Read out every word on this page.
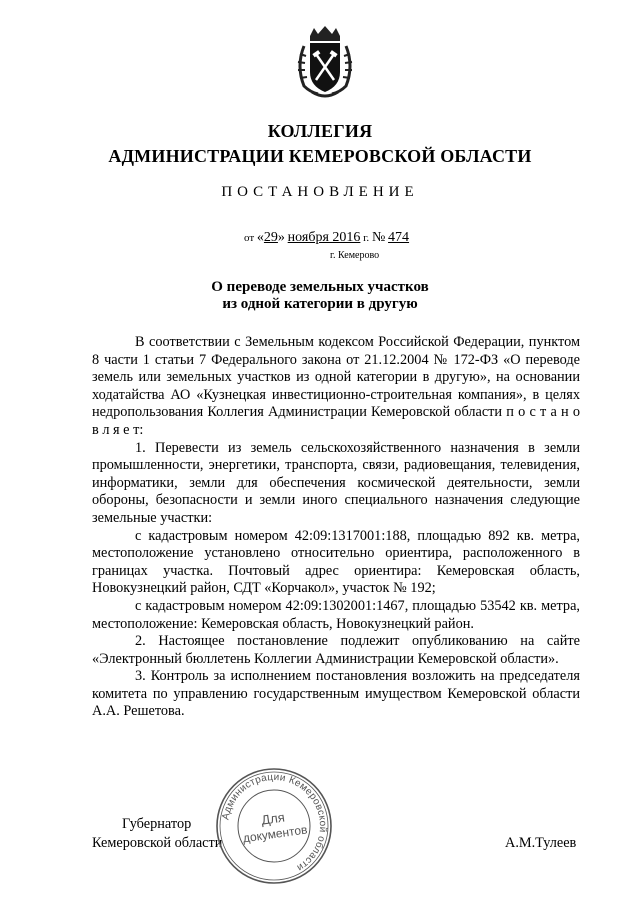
КОЛЛЕГИЯ
АДМИНИСТРАЦИИ КЕМЕРОВСКОЙ ОБЛАСТИ
ПОСТАНОВЛЕНИЕ
от «29» ноября 2016 г. № 474
г. Кемерово
О переводе земельных участков
из одной категории в другую

В соответствии с Земельным кодексом Российской Федерации, пунктом 8 части 1 статьи 7 Федерального закона от 21.12.2004 № 172-ФЗ «О переводе земель или земельных участков из одной категории в другую», на основании ходатайства АО «Кузнецкая инвестиционно-строительная компания», в целях недропользования Коллегия Администрации Кемеровской области п о с т а н о в л я е т:

1. Перевести из земель сельскохозяйственного назначения в земли промышленности, энергетики, транспорта, связи, радиовещания, телевидения, информатики, земли для обеспечения космической деятельности, земли обороны, безопасности и земли иного специального назначения следующие земельные участки:

с кадастровым номером 42:09:1317001:188, площадью 892 кв. метра, местоположение установлено относительно ориентира, расположенного в границах участка. Почтовый адрес ориентира: Кемеровская область, Новокузнецкий район, СДТ «Корчакол», участок № 192;

с кадастровым номером 42:09:1302001:1467, площадью 53542 кв. метра, местоположение: Кемеровская область, Новокузнецкий район.

2. Настоящее постановление подлежит опубликованию на сайте «Электронный бюллетень Коллегии Администрации Кемеровской области».

3. Контроль за исполнением постановления возложить на председателя комитета по управлению государственным имуществом Кемеровской области А.А. Решетова.

Губернатор
Кемеровской области	А.М.Тулеев
Администрации Кемеровской области
Для
документов
